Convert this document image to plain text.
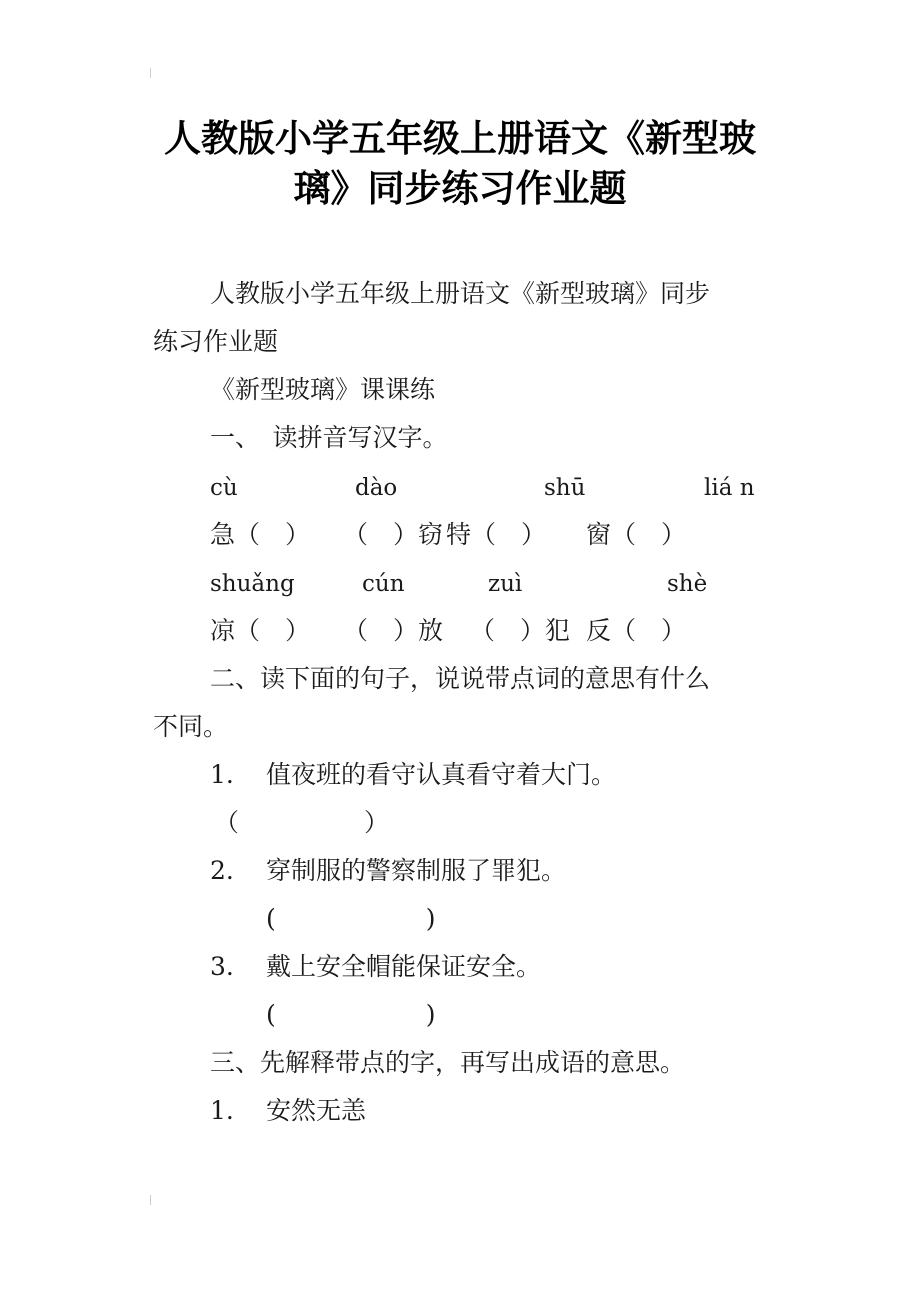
人教版小学五年级上册语文《新型玻
璃》同步练习作业题
人教版小学五年级上册语文《新型玻璃》同步
练习作业题
《新型玻璃》课课练
一、　读拼音写汉字。
cù	dào	shū	liá n
急（　） （　）窃 特（　） 窗（　）
shuǎng	cún	zuì	shè
凉（　） （　）放 （　）犯 反（　）
二、读下面的句子，说说带点词的意思有什么
不同。
1. 值夜班的看守认真看守着大门。
（　　　　　）
2. 穿制服的警察制服了罪犯。
(　　　　　　)
3. 戴上安全帽能保证安全。
(　　　　　　)
三、先解释带点的字，再写出成语的意思。
1. 安然无恙
